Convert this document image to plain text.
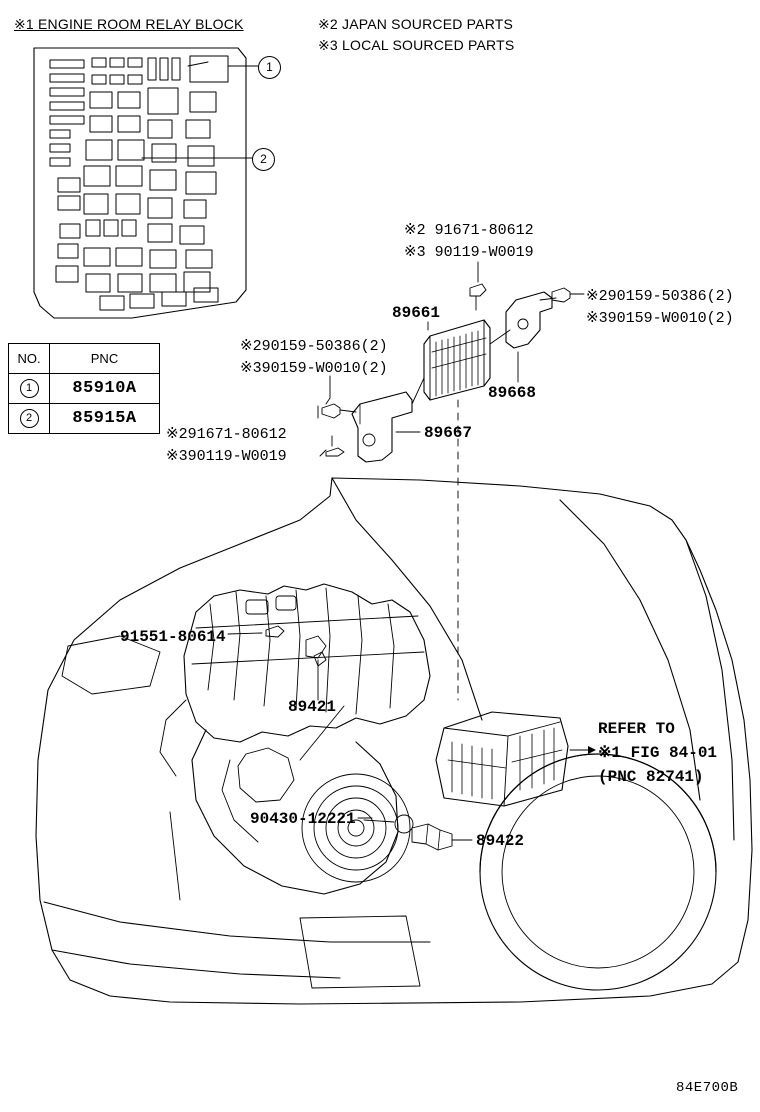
※1 ENGINE ROOM RELAY BLOCK	※2 JAPAN SOURCED PARTS
※3 LOCAL SOURCED PARTS
1
2
NO.	PNC
1	85910A
2	85915A
※2 91671-80612
※3 90119-W0019
※290159-50386(2)
※390159-W0010(2)
※290159-50386(2)
※390159-W0010(2)
※291671-80612
※390119-W0019
89661
89668
89667
91551-80614
89421
90430-12221
89422
REFER TO
※1 FIG 84-01
(PNC 82741)
84E700B
